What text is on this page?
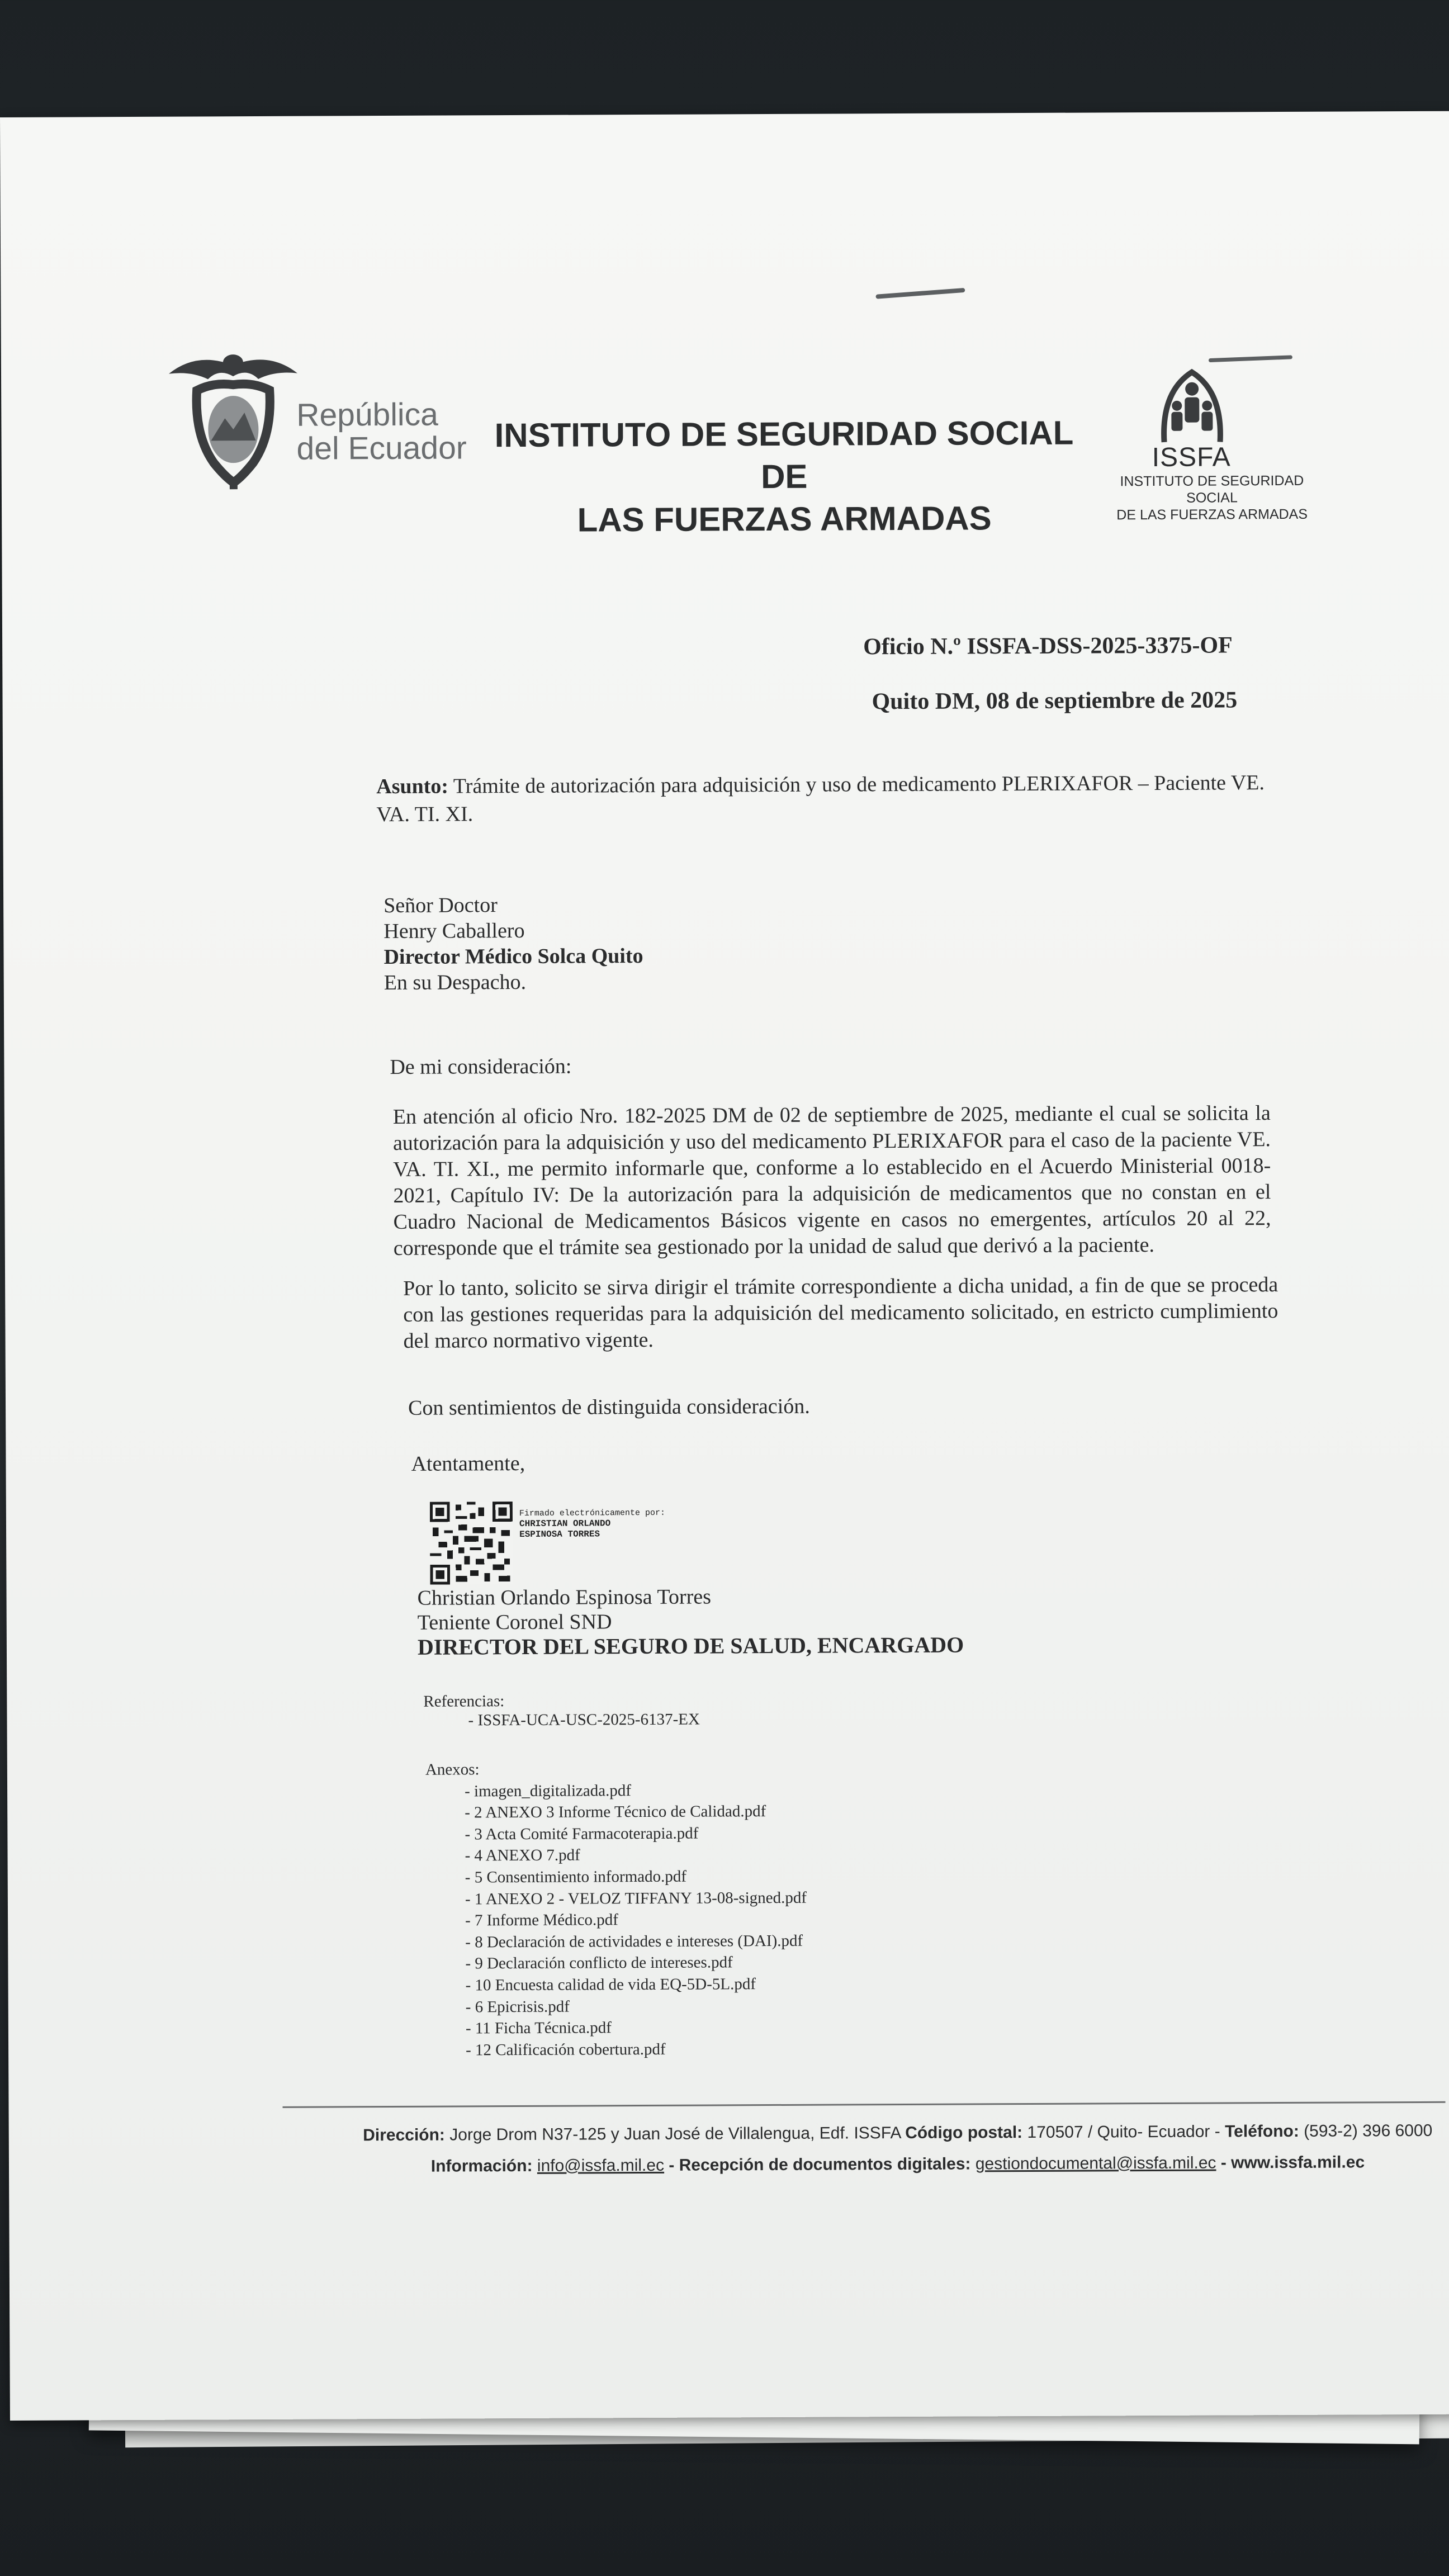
República
del Ecuador INSTITUTO DE SEGURIDAD SOCIAL DE
LAS FUERZAS ARMADAS
ISSFA
INSTITUTO DE SEGURIDAD SOCIAL
DE LAS FUERZAS ARMADAS
Oficio N.º ISSFA-DSS-2025-3375-OF
Quito DM, 08 de septiembre de 2025
Asunto: Trámite de autorización para adquisición y uso de medicamento PLERIXAFOR – Paciente VE. VA. TI. XI.
Señor Doctor
Henry Caballero
Director Médico Solca Quito
En su Despacho.
De mi consideración:
En atención al oficio Nro. 182-2025 DM de 02 de septiembre de 2025, mediante el cual se solicita la autorización para la adquisición y uso del medicamento PLERIXAFOR para el caso de la paciente VE. VA. TI. XI., me permito informarle que, conforme a lo establecido en el Acuerdo Ministerial 0018-2021, Capítulo IV: De la autorización para la adquisición de medicamentos que no constan en el Cuadro Nacional de Medicamentos Básicos vigente en casos no emergentes, artículos 20 al 22, corresponde que el trámite sea gestionado por la unidad de salud que derivó a la paciente.
Por lo tanto, solicito se sirva dirigir el trámite correspondiente a dicha unidad, a fin de que se proceda con las gestiones requeridas para la adquisición del medicamento solicitado, en estricto cumplimiento del marco normativo vigente.
Con sentimientos de distinguida consideración.
Atentamente,
Firmado electrónicamente por:
CHRISTIAN ORLANDO
ESPINOSA TORRES
Christian Orlando Espinosa Torres
Teniente Coronel SND
DIRECTOR DEL SEGURO DE SALUD, ENCARGADO
Referencias:
- ISSFA-UCA-USC-2025-6137-EX
Anexos:
- imagen_digitalizada.pdf
- 2 ANEXO 3 Informe Técnico de Calidad.pdf
- 3 Acta Comité Farmacoterapia.pdf
- 4 ANEXO 7.pdf
- 5 Consentimiento informado.pdf
- 1 ANEXO 2 - VELOZ TIFFANY 13-08-signed.pdf
- 7 Informe Médico.pdf
- 8 Declaración de actividades e intereses (DAI).pdf
- 9 Declaración conflicto de intereses.pdf
- 10 Encuesta calidad de vida EQ-5D-5L.pdf
- 6 Epicrisis.pdf
- 11 Ficha Técnica.pdf
- 12 Calificación cobertura.pdf
Dirección: Jorge Drom N37-125 y Juan José de Villalengua, Edf. ISSFA Código postal: 170507 / Quito- Ecuador - Teléfono: (593-2) 396 6000
Información: info@issfa.mil.ec - Recepción de documentos digitales: gestiondocumental@issfa.mil.ec - www.issfa.mil.ec
